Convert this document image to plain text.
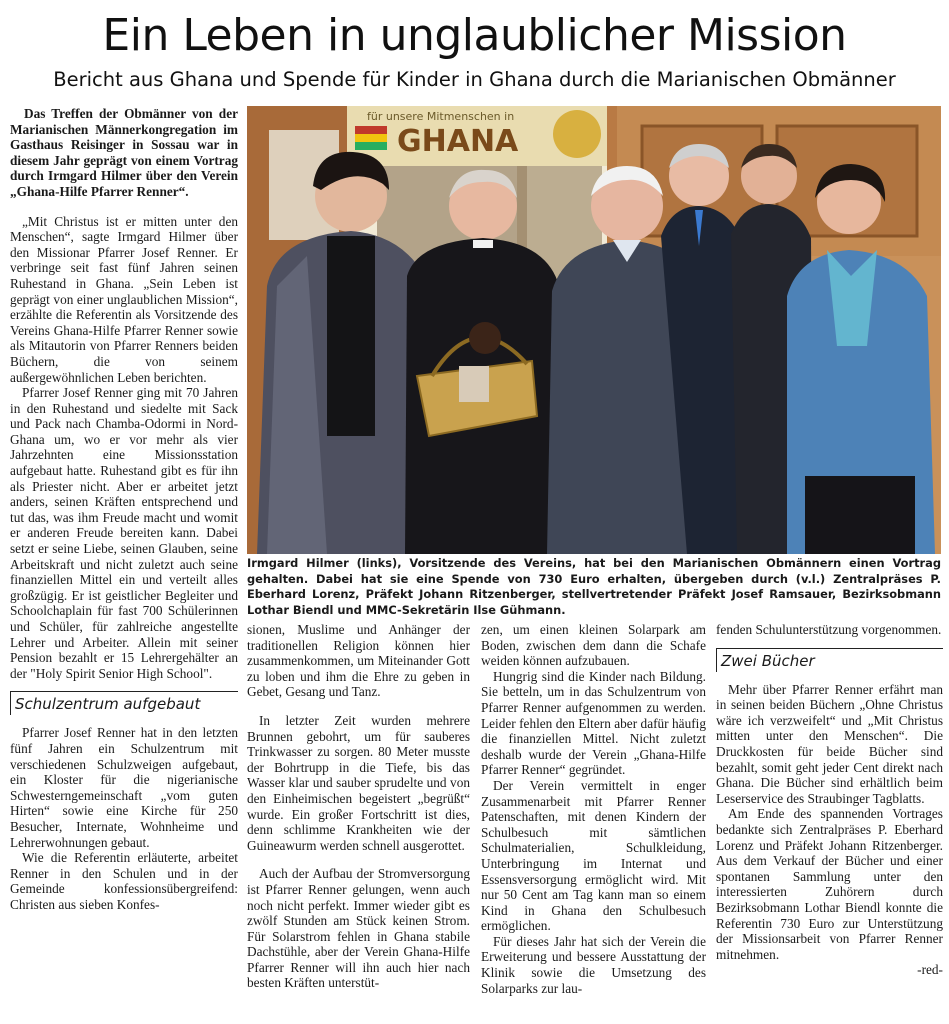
Ein Leben in unglaublicher Mission
Bericht aus Ghana und Spende für Kinder in Ghana durch die Marianischen Obmänner

Das Treffen der Obmänner von der Marianischen Männerkongregation im Gasthaus Reisinger in Sossau war in diesem Jahr geprägt von einem Vortrag durch Irmgard Hilmer über den Verein „Ghana-Hilfe Pfarrer Renner“.

„Mit Christus ist er mitten unter den Menschen“, sagte Irmgard Hilmer über den Missionar Pfarrer Josef Renner. Er verbringe seit fast fünf Jahren seinen Ruhestand in Ghana. „Sein Leben ist geprägt von einer unglaublichen Mission“, erzählte die Referentin als Vorsitzende des Vereins Ghana-Hilfe Pfarrer Renner sowie als Mitautorin von Pfarrer Renners beiden Büchern, die von seinem außergewöhnlichen Leben berichten.

Pfarrer Josef Renner ging mit 70 Jahren in den Ruhestand und siedelte mit Sack und Pack nach Chamba-Odormi in Nord-Ghana um, wo er vor mehr als vier Jahrzehnten eine Missionsstation aufgebaut hatte. Ruhestand gibt es für ihn als Priester nicht. Aber er arbeitet jetzt anders, seinen Kräften entsprechend und tut das, was ihm Freude macht und womit er anderen Freude bereiten kann. Dabei setzt er seine Liebe, seinen Glauben, seine Arbeitskraft und nicht zuletzt auch seine finanziellen Mittel ein und verteilt alles großzügig. Er ist geistlicher Begleiter und Schoolchaplain für fast 700 Schülerinnen und Schüler, für zahlreiche angestellte Lehrer und Arbeiter. Allein mit seiner Pension bezahlt er 15 Lehrergehälter an der "Holy Spirit Senior High School".

Schulzentrum aufgebaut

Pfarrer Josef Renner hat in den letzten fünf Jahren ein Schulzentrum mit verschiedenen Schulzweigen aufgebaut, ein Kloster für die nigerianische Schwesterngemeinschaft „vom guten Hirten“ sowie eine Kirche für 250 Besucher, Internate, Wohnheime und Lehrerwohnungen gebaut.

Wie die Referentin erläuterte, arbeitet Renner in den Schulen und in der Gemeinde konfessionsübergreifend: Christen aus sieben Konfes-

für unsere Mitmenschen in
GHANA
Irmgard Hilmer (links), Vorsitzende des Vereins, hat bei den Marianischen Obmännern einen Vortrag gehalten. Dabei hat sie eine Spende von 730 Euro erhalten, übergeben durch (v.l.) Zentralpräses P. Eberhard Lorenz, Präfekt Johann Ritzenberger, stellvertretender Präfekt Josef Ramsauer, Bezirksobmann Lothar Biendl und MMC-Sekretärin Ilse Gühmann.

sionen, Muslime und Anhänger der traditionellen Religion können hier zusammenkommen, um Miteinander Gott zu loben und ihm die Ehre zu geben in Gebet, Gesang und Tanz.

In letzter Zeit wurden mehrere Brunnen gebohrt, um für sauberes Trinkwasser zu sorgen. 80 Meter musste der Bohrtrupp in die Tiefe, bis das Wasser klar und sauber sprudelte und von den Einheimischen begeistert „begrüßt“ wurde. Ein großer Fortschritt ist dies, denn schlimme Krankheiten wie der Guineawurm werden schnell ausgerottet.

Auch der Aufbau der Stromversorgung ist Pfarrer Renner gelungen, wenn auch noch nicht perfekt. Immer wieder gibt es zwölf Stunden am Stück keinen Strom. Für Solarstrom fehlen in Ghana stabile Dachstühle, aber der Verein Ghana-Hilfe Pfarrer Renner will ihn auch hier nach besten Kräften unterstüt-

zen, um einen kleinen Solarpark am Boden, zwischen dem dann die Schafe weiden können aufzubauen.

Hungrig sind die Kinder nach Bildung. Sie betteln, um in das Schulzentrum von Pfarrer Renner aufgenommen zu werden. Leider fehlen den Eltern aber dafür häufig die finanziellen Mittel. Nicht zuletzt deshalb wurde der Verein „Ghana-Hilfe Pfarrer Renner“ gegründet.

Der Verein vermittelt in enger Zusammenarbeit mit Pfarrer Renner Patenschaften, mit denen Kindern der Schulbesuch mit sämtlichen Schulmaterialien, Schulkleidung, Unterbringung im Internat und Essensversorgung ermöglicht wird. Mit nur 50 Cent am Tag kann man so einem Kind in Ghana den Schulbesuch ermöglichen.

Für dieses Jahr hat sich der Verein die Erweiterung und bessere Ausstattung der Klinik sowie die Umsetzung des Solarparks zur lau-

fenden Schulunterstützung vorgenommen.

Zwei Bücher

Mehr über Pfarrer Renner erfährt man in seinen beiden Büchern „Ohne Christus wäre ich verzweifelt“ und „Mit Christus mitten unter den Menschen“. Die Druckkosten für beide Bücher sind bezahlt, somit geht jeder Cent direkt nach Ghana. Die Bücher sind erhältlich beim Leserservice des Straubinger Tagblatts.

Am Ende des spannenden Vortrages bedankte sich Zentralpräses P. Eberhard Lorenz und Präfekt Johann Ritzenberger. Aus dem Verkauf der Bücher und einer spontanen Sammlung unter den interessierten Zuhörern durch Bezirksobmann Lothar Biendl konnte die Referentin 730 Euro zur Unterstützung der Missionsarbeit von Pfarrer Renner mitnehmen.

-red-
